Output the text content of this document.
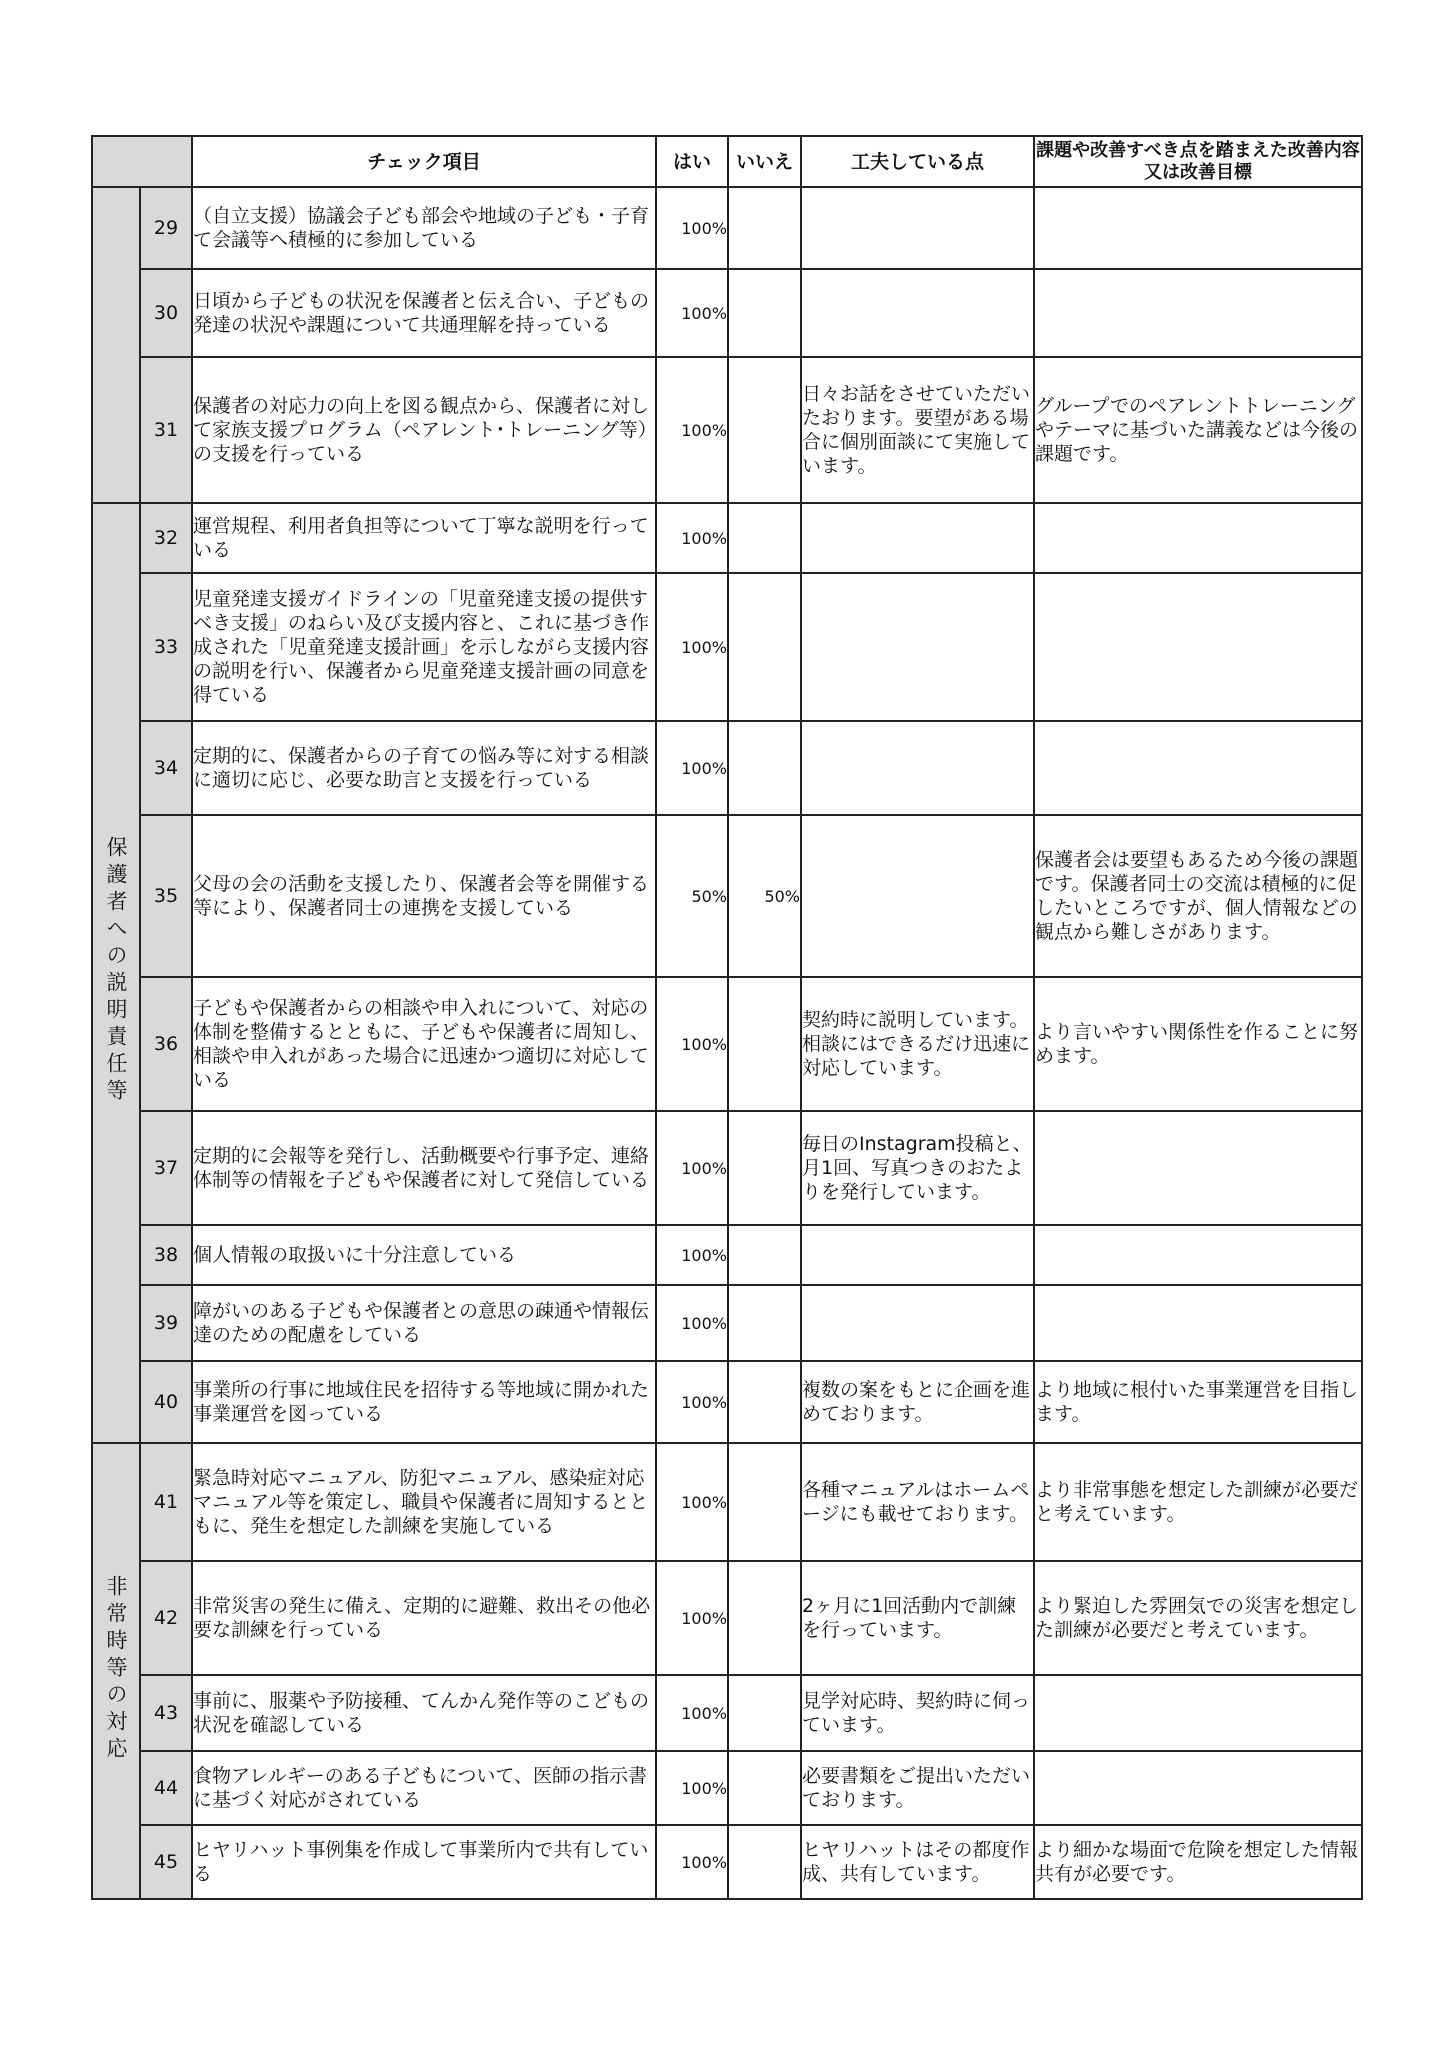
		チェック項目	はい	いいえ	工夫している点	課題や改善すべき点を踏まえた改善内容又は改善目標
	29	（自立支援）協議会子ども部会や地域の子ども・子育て会議等へ積極的に参加している	100%			
	30	日頃から子どもの状況を保護者と伝え合い、子どもの発達の状況や課題について共通理解を持っている	100%			
	31	保護者の対応力の向上を図る観点から、保護者に対して家族支援プログラム（ペアレント･トレーニング等）の支援を行っている	100%		日々お話をさせていただいたおります。要望がある場合に個別面談にて実施しています。	グループでのペアレントトレーニングやテーマに基づいた講義などは今後の課題です。
保護者への説明責任等	32	運営規程、利用者負担等について丁寧な説明を行っている	100%			
	33	児童発達支援ガイドラインの「児童発達支援の提供すべき支援」のねらい及び支援内容と、これに基づき作成された「児童発達支援計画」を示しながら支援内容の説明を行い、保護者から児童発達支援計画の同意を得ている	100%			
	34	定期的に、保護者からの子育ての悩み等に対する相談に適切に応じ、必要な助言と支援を行っている	100%			
	35	父母の会の活動を支援したり、保護者会等を開催する等により、保護者同士の連携を支援している	50%	50%		保護者会は要望もあるため今後の課題です。保護者同士の交流は積極的に促したいところですが、個人情報などの観点から難しさがあります。
	36	子どもや保護者からの相談や申入れについて、対応の体制を整備するとともに、子どもや保護者に周知し、相談や申入れがあった場合に迅速かつ適切に対応している	100%		契約時に説明しています。相談にはできるだけ迅速に対応しています。	より言いやすい関係性を作ることに努めます。
	37	定期的に会報等を発行し、活動概要や行事予定、連絡体制等の情報を子どもや保護者に対して発信している	100%		毎日のInstagram投稿と、月1回、写真つきのおたよりを発行しています。	
	38	個人情報の取扱いに十分注意している	100%			
	39	障がいのある子どもや保護者との意思の疎通や情報伝達のための配慮をしている	100%			
	40	事業所の行事に地域住民を招待する等地域に開かれた事業運営を図っている	100%		複数の案をもとに企画を進めております。	より地域に根付いた事業運営を目指します。
非常時等の対応	41	緊急時対応マニュアル、防犯マニュアル、感染症対応マニュアル等を策定し、職員や保護者に周知するとともに、発生を想定した訓練を実施している	100%		各種マニュアルはホームページにも載せております。	より非常事態を想定した訓練が必要だと考えています。
	42	非常災害の発生に備え、定期的に避難、救出その他必要な訓練を行っている	100%		2ヶ月に1回活動内で訓練を行っています。	より緊迫した雰囲気での災害を想定した訓練が必要だと考えています。
	43	事前に、服薬や予防接種、てんかん発作等のこどもの状況を確認している	100%		見学対応時、契約時に伺っています。	
	44	食物アレルギーのある子どもについて、医師の指示書に基づく対応がされている	100%		必要書類をご提出いただいております。	
	45	ヒヤリハット事例集を作成して事業所内で共有している	100%		ヒヤリハットはその都度作成、共有しています。	より細かな場面で危険を想定した情報共有が必要です。
